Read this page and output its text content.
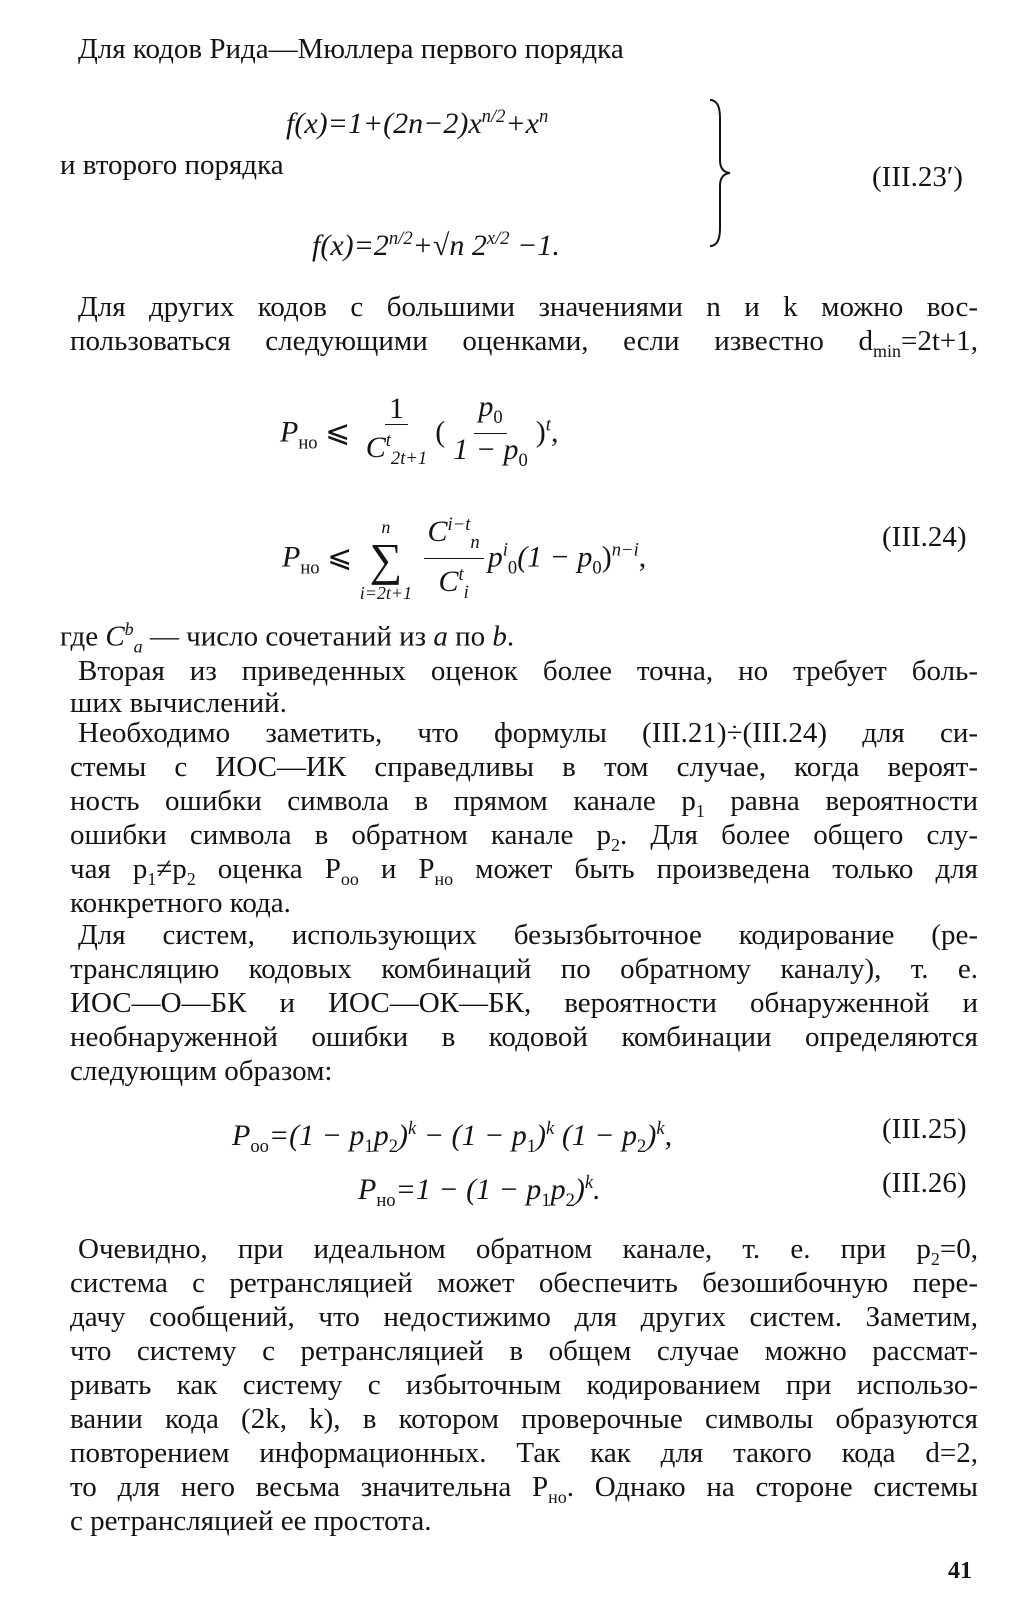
Для кодов Рида—Мюллера первого порядка
$f(x)=1+(2n-2)x^{n/2}+x^n$
и второго порядка
$f(x)=2^{n/2}+√n$ $2^{x/2} -1$.
(III.23′)
Для других кодов с большими значениями n и k можно вос-
пользоваться следующими оценками, если известно $d_{min}=2t+1$,
$P_{но}$ ⩽ $\frac{1}{C^t_{2t+1}}$ ( $\frac{p_0}{1 - p_0} )^t$,
$P_{но}$ ⩽
n
∑
i=2t+1
$\frac{C^{i-t}_n}{C^t_i} p^i_0(1 - p_0)^{n-i}$,
(III.24)
где $C^b_a$ — число сочетаний из a по b.
Вторая из приведенных оценок более точна, но требует боль-
ших вычислений.
Необходимо заметить, что формулы (III.21)÷(III.24) для си-
стемы с ИОС—ИК справедливы в том случае, когда вероят-
ность ошибки символа в прямом канале $p_1$ равна вероятности
ошибки символа в обратном канале $p_2$. Для более общего слу-
чая $p_1\ne p_2$ оценка $P_{оо}$ и $P_{но}$ может быть произведена только для
конкретного кода.
Для систем, использующих безызбыточное кодирование (ре-
трансляцию кодовых комбинаций по обратному каналу), т. е.
ИОС—О—БК и ИОС—ОК—БК, вероятности обнаруженной и
необнаруженной ошибки в кодовой комбинации определяются
следующим образом:
$P_{оо}=(1 - p_1p_2)^k - (1 - p_1)^k$ $(1 - p_2)^k$,	(III.25)
$P_{но}=1 - (1 - p_1p_2)^k$.	(III.26)
Очевидно, при идеальном обратном канале, т. е. при $p_2=0$,
система с ретрансляцией может обеспечить безошибочную пере-
дачу сообщений, что недостижимо для других систем. Заметим,
что систему с ретрансляцией в общем случае можно рассмат-
ривать как систему с избыточным кодированием при использо-
вании кода (2k, k), в котором проверочные символы образуются
повторением информационных. Так как для такого кода d=2,
то для него весьма значительна $P_{но}$. Однако на стороне системы
с ретрансляцией ее простота.
41
